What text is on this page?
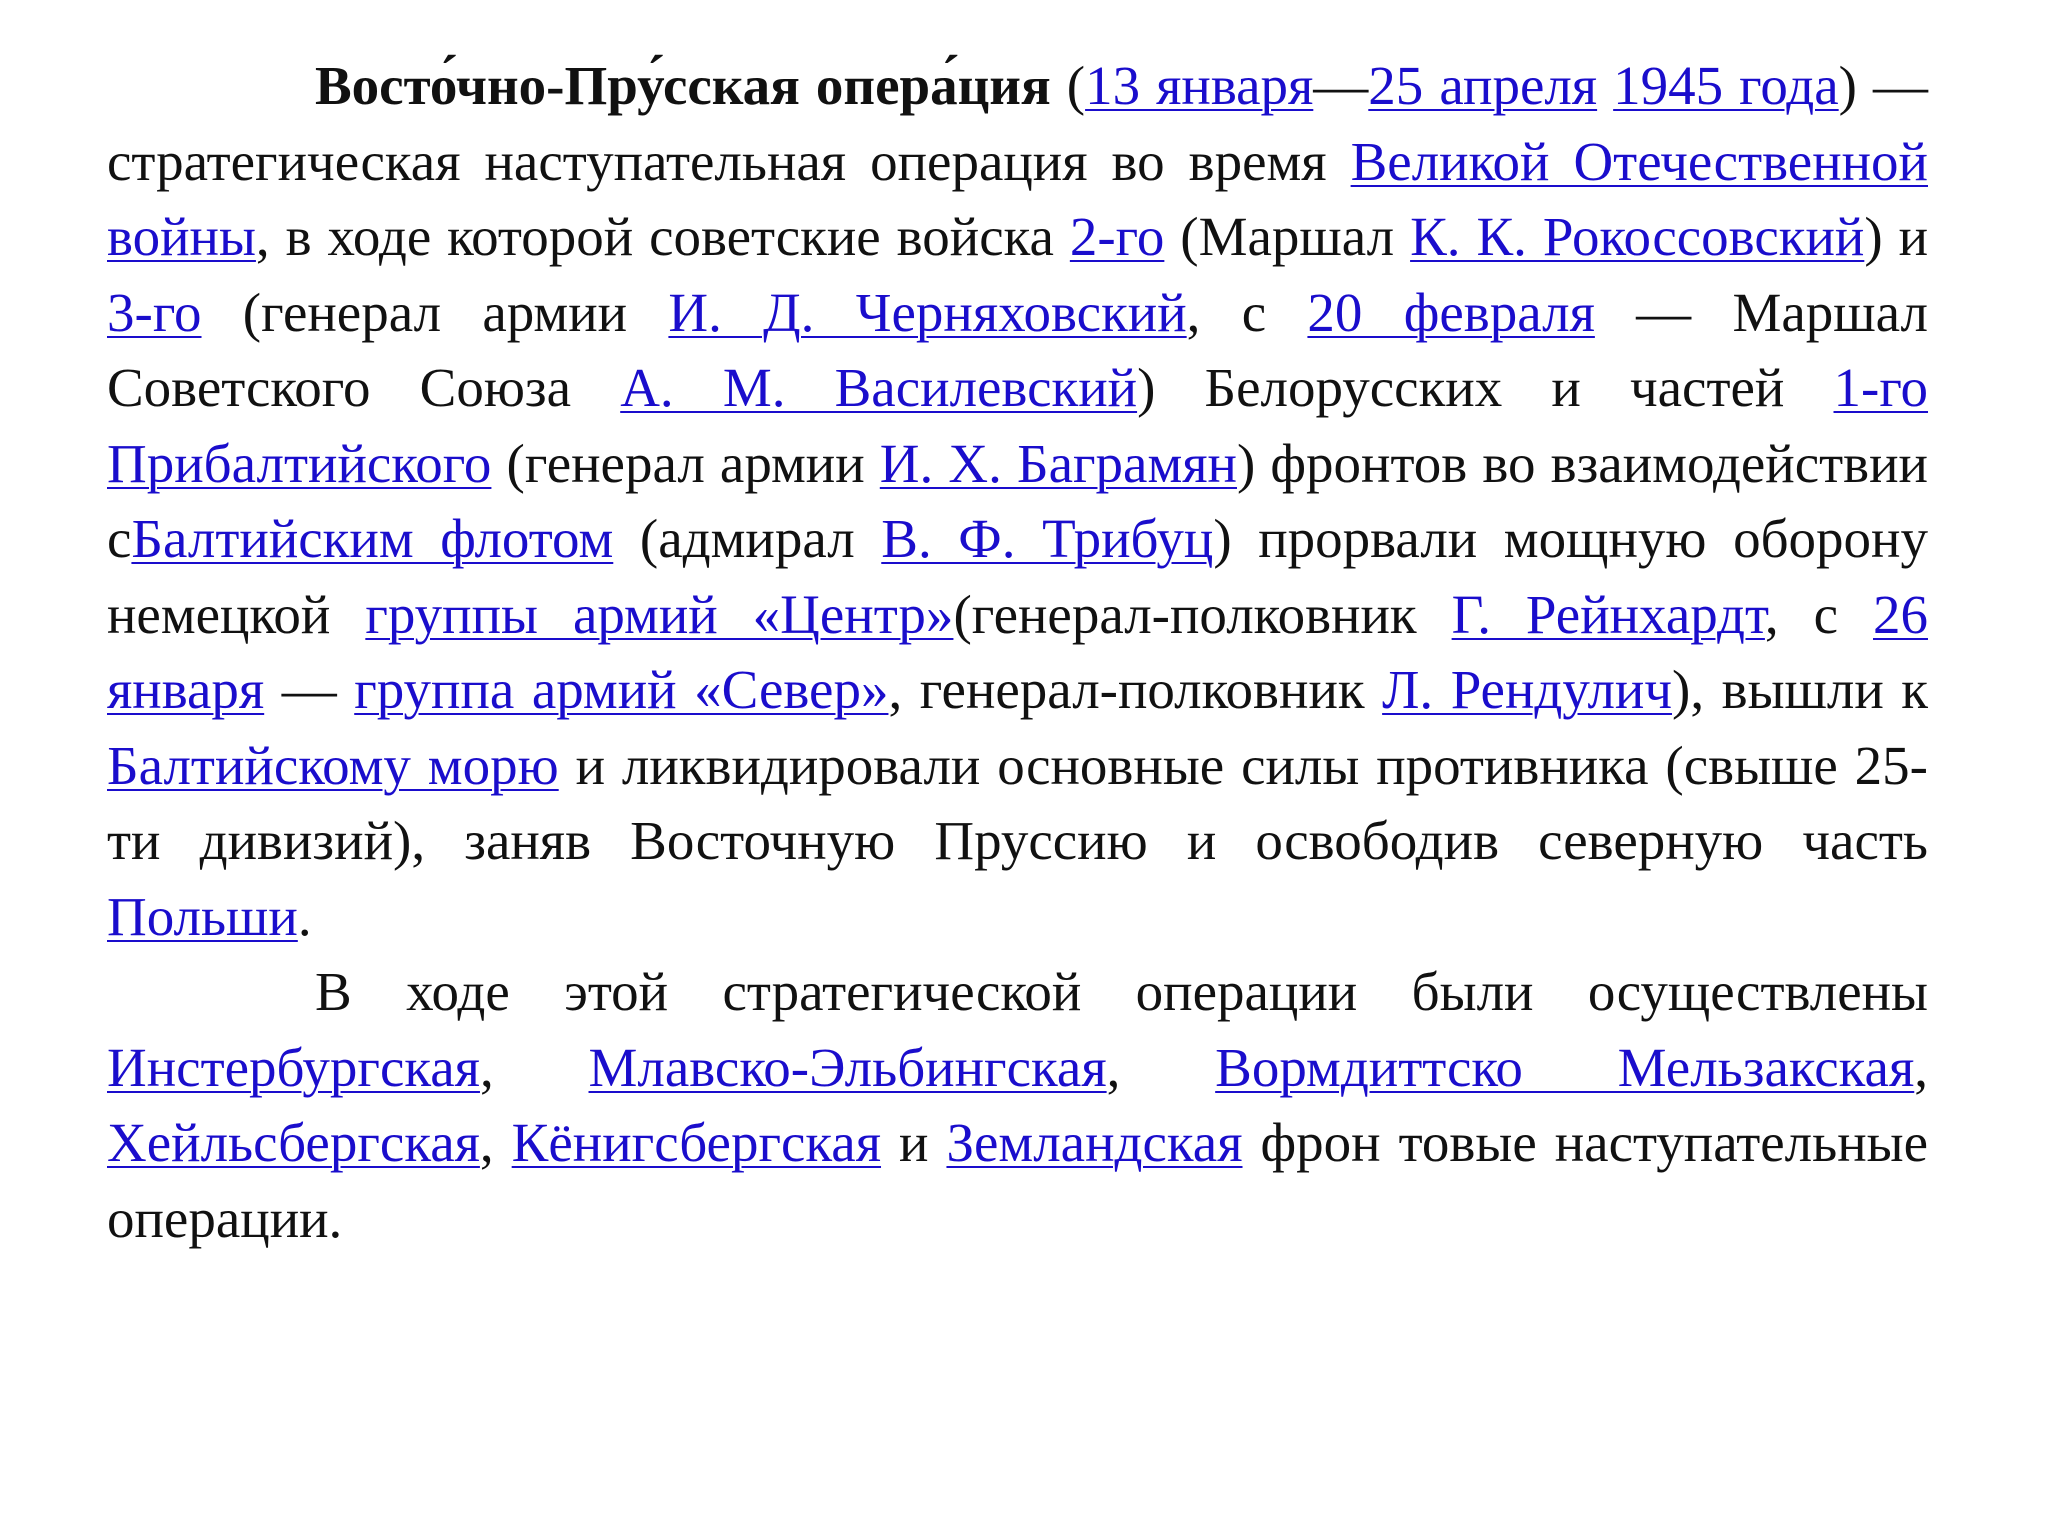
Восто́чно-Пру́сская опера́ция (13 января—25 апреля 1945 года) — стратегическая наступательная операция во время Великой Отечественной войны, в ходе которой советские войска 2-го (Маршал К. К. Рокоссовский) и 3-го (генерал армии И. Д. Черняховский, с 20 февраля — Маршал Советского Союза А. М. Василевский) Белорусских и частей 1-го Прибалтийского (генерал армии И. Х. Баграмян) фронтов во взаимодействии сБалтийским флотом (адмирал В. Ф. Трибуц) прорвали мощную оборону немецкой группы армий «Центр»(генерал-полковник Г. Рейнхардт, с 26 января — группа армий «Север», генерал-полковник Л. Рендулич), вышли к Балтийскому морю и ликвидировали основные силы противника (свыше 25-ти дивизий), заняв Восточную Пруссию и освободив северную часть Польши.

В ходе этой стратегической операции были осуществлены Инстербургская, Млавско-Эльбингская, Вормдиттско Мельзакская, Хейльсбергская, Кёнигсбергская и Земландская фрон товые наступательные операции.
